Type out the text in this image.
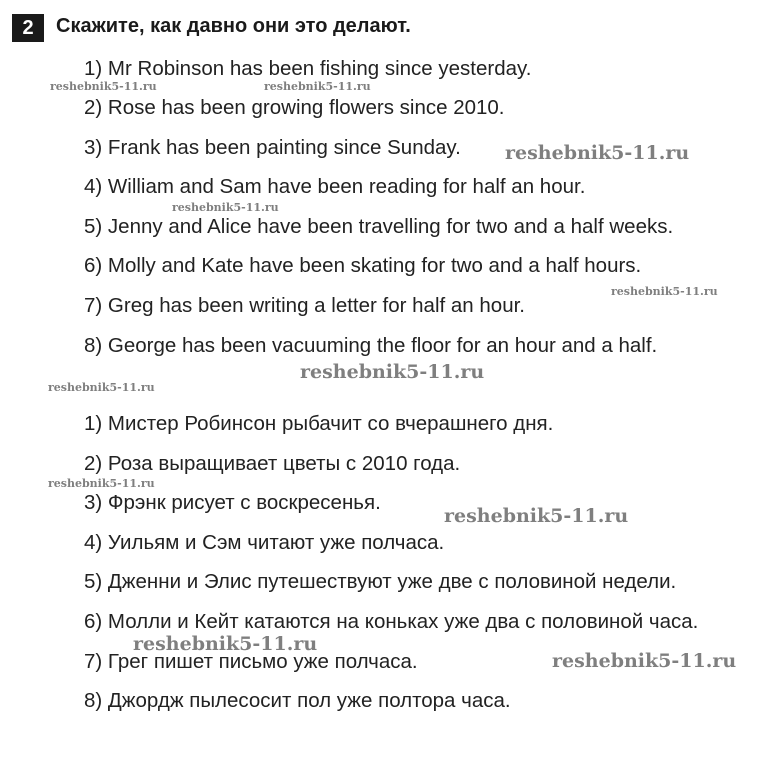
2	Скажите, как давно они это делают.
1) Mr Robinson has been fishing since yesterday.
2) Rose has been growing flowers since 2010.
3) Frank has been painting since Sunday.
4) William and Sam have been reading for half an hour.
5) Jenny and Alice have been travelling for two and a half weeks.
6) Molly and Kate have been skating for two and a half hours.
7) Greg has been writing a letter for half an hour.
8) George has been vacuuming the floor for an hour and a half.
1) Мистер Робинсон рыбачит со вчерашнего дня.
2) Роза выращивает цветы с 2010 года.
3) Фрэнк рисует с воскресенья.
4) Уильям и Сэм читают уже полчаса.
5) Дженни и Элис путешествуют уже две с половиной недели.
6) Молли и Кейт катаются на коньках уже два с половиной часа.
7) Грег пишет письмо уже полчаса.
8) Джордж пылесосит пол уже полтора часа.
reshebnik5-11.ru	reshebnik5-11.ru
reshebnik5-11.ru
reshebnik5-11.ru
reshebnik5-11.ru
reshebnik5-11.ru
reshebnik5-11.ru
reshebnik5-11.ru
reshebnik5-11.ru
reshebnik5-11.ru
reshebnik5-11.ru
